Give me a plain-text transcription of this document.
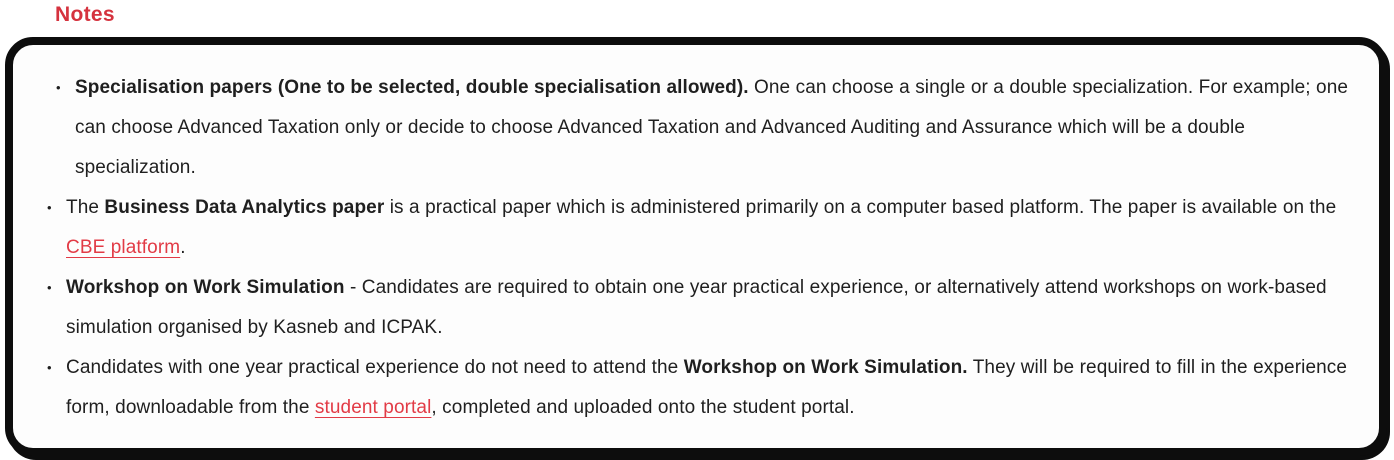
Notes
• Specialisation papers (One to be selected, double specialisation allowed). One can choose a single or a double specialization. For example; one can choose Advanced Taxation only or decide to choose Advanced Taxation and Advanced Auditing and Assurance which will be a double specialization.
• The Business Data Analytics paper is a practical paper which is administered primarily on a computer based platform. The paper is available on the CBE platform.
• Workshop on Work Simulation - Candidates are required to obtain one year practical experience, or alternatively attend workshops on work-based simulation organised by Kasneb and ICPAK.
• Candidates with one year practical experience do not need to attend the Workshop on Work Simulation. They will be required to fill in the experience form, downloadable from the student portal, completed and uploaded onto the student portal.
